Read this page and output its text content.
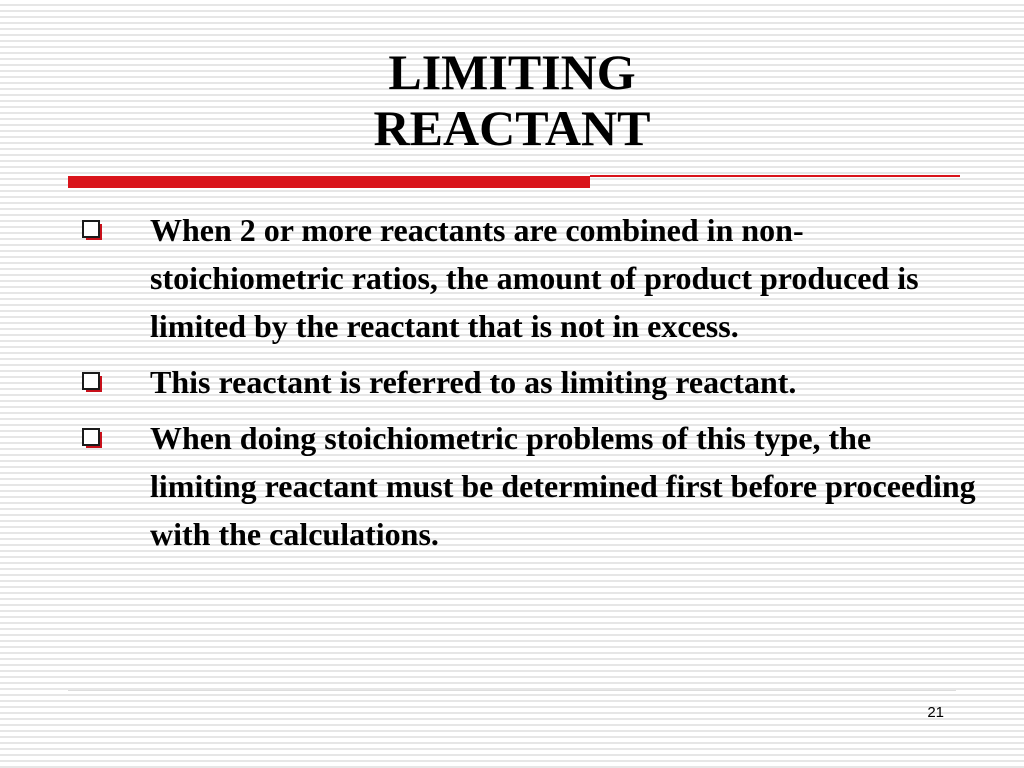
LIMITING
REACTANT
When 2 or more reactants are combined in non-stoichiometric ratios, the amount of product produced is limited by the reactant that is not in excess.
This reactant is referred to as limiting reactant.
When doing stoichiometric problems of this type, the limiting reactant must be determined first before proceeding with the calculations.
21
